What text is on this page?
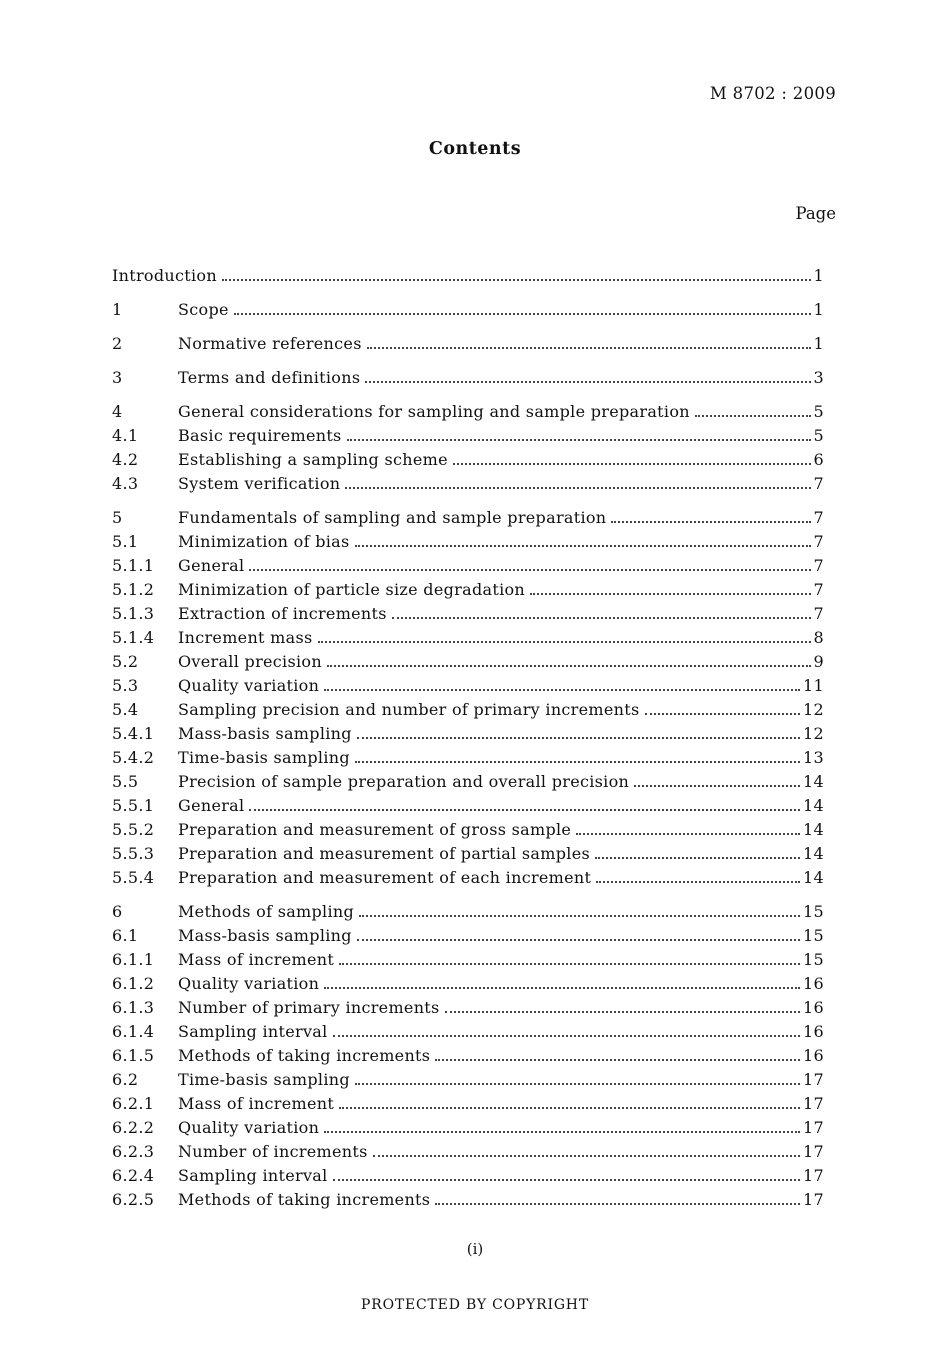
M 8702 : 2009
Contents
Page
Introduction	1
1	Scope	1
2	Normative references	1
3	Terms and definitions	3
4	General considerations for sampling and sample preparation	5
4.1	Basic requirements	5
4.2	Establishing a sampling scheme	6
4.3	System verification	7
5	Fundamentals of sampling and sample preparation	7
5.1	Minimization of bias	7
5.1.1	General	7
5.1.2	Minimization of particle size degradation	7
5.1.3	Extraction of increments	7
5.1.4	Increment mass	8
5.2	Overall precision	9
5.3	Quality variation	11
5.4	Sampling precision and number of primary increments	12
5.4.1	Mass-basis sampling	12
5.4.2	Time-basis sampling	13
5.5	Precision of sample preparation and overall precision	14
5.5.1	General	14
5.5.2	Preparation and measurement of gross sample	14
5.5.3	Preparation and measurement of partial samples	14
5.5.4	Preparation and measurement of each increment	14
6	Methods of sampling	15
6.1	Mass-basis sampling	15
6.1.1	Mass of increment	15
6.1.2	Quality variation	16
6.1.3	Number of primary increments	16
6.1.4	Sampling interval	16
6.1.5	Methods of taking increments	16
6.2	Time-basis sampling	17
6.2.1	Mass of increment	17
6.2.2	Quality variation	17
6.2.3	Number of increments	17
6.2.4	Sampling interval	17
6.2.5	Methods of taking increments	17
(i)
PROTECTED BY COPYRIGHT
